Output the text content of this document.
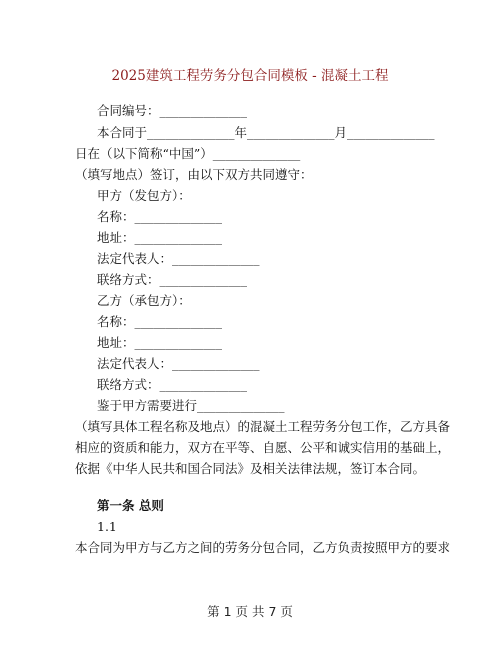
2025建筑工程劳务分包合同模板 - 混凝土工程
合同编号：______________
本合同于______________年______________月______________
日在（以下简称“中国”）______________
（填写地点）签订，由以下双方共同遵守：
甲方（发包方）：
名称：______________
地址：______________
法定代表人：______________
联络方式：______________
乙方（承包方）：
名称：______________
地址：______________
法定代表人：______________
联络方式：______________
鉴于甲方需要进行______________
（填写具体工程名称及地点）的混凝土工程劳务分包工作，乙方具备
相应的资质和能力，双方在平等、自愿、公平和诚实信用的基础上，
依据《中华人民共和国合同法》及相关法律法规，签订本合同。
第一条 总则
1.1
本合同为甲方与乙方之间的劳务分包合同，乙方负责按照甲方的要求
第 1 页 共 7 页
